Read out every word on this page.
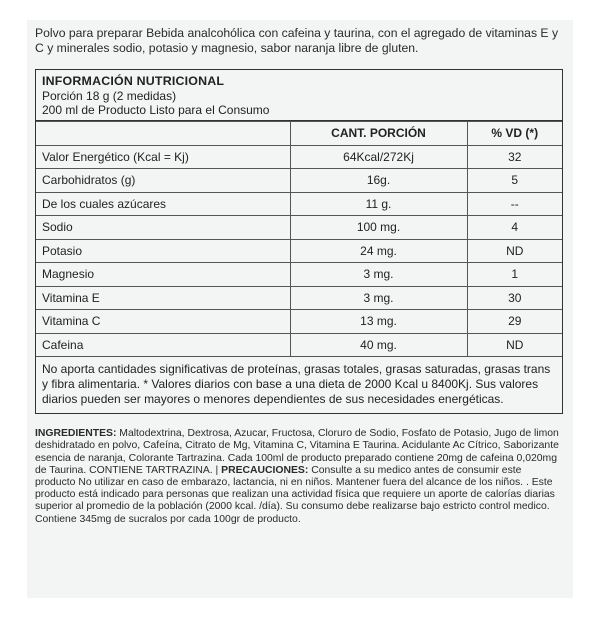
Polvo para preparar Bebida analcohólica con cafeina y taurina, con el agregado de vitaminas E y C y minerales sodio, potasio y magnesio, sabor naranja libre de gluten.

INFORMACIÓN NUTRICIONAL
Porción 18 g (2 medidas)
200 ml de Producto Listo para el Consumo
	CANT. PORCIÓN	% VD (*)
Valor Energético (Kcal = Kj)	64Kcal/272Kj	32
Carbohidratos (g)	16g.	5
De los cuales azúcares	11 g.	--
Sodio	100 mg.	4
Potasio	24 mg.	ND
Magnesio	3 mg.	1
Vitamina E	3 mg.	30
Vitamina C	13 mg.	29
Cafeina	40 mg.	ND
No aporta cantidades significativas de proteínas, grasas totales, grasas saturadas, grasas trans y fibra alimentaria. * Valores diarios con base a una dieta de 2000 Kcal u 8400Kj. Sus valores diarios pueden ser mayores o menores dependientes de sus necesidades energéticas.
INGREDIENTES: Maltodextrina, Dextrosa, Azucar, Fructosa, Cloruro de Sodio, Fosfato de Potasio, Jugo de limon deshidratado en polvo, Cafeína, Citrato de Mg, Vitamina C, Vitamina E Taurina. Acidulante Ac Cítrico, Saborizante esencia de naranja, Colorante Tartrazina. Cada 100ml de producto preparado contiene 20mg de cafeina 0,020mg de Taurina. CONTIENE TARTRAZINA. | PRECAUCIONES: Consulte a su medico antes de consumir este producto No utilizar en caso de embarazo, lactancia, ni en niños. Mantener fuera del alcance de los niños. . Este producto está indicado para personas que realizan una actividad física que requiere un aporte de calorías diarias superior al promedio de la población (2000 kcal. /día). Su consumo debe realizarse bajo estricto control medico. Contiene 345mg de sucralos por cada 100gr de producto.
